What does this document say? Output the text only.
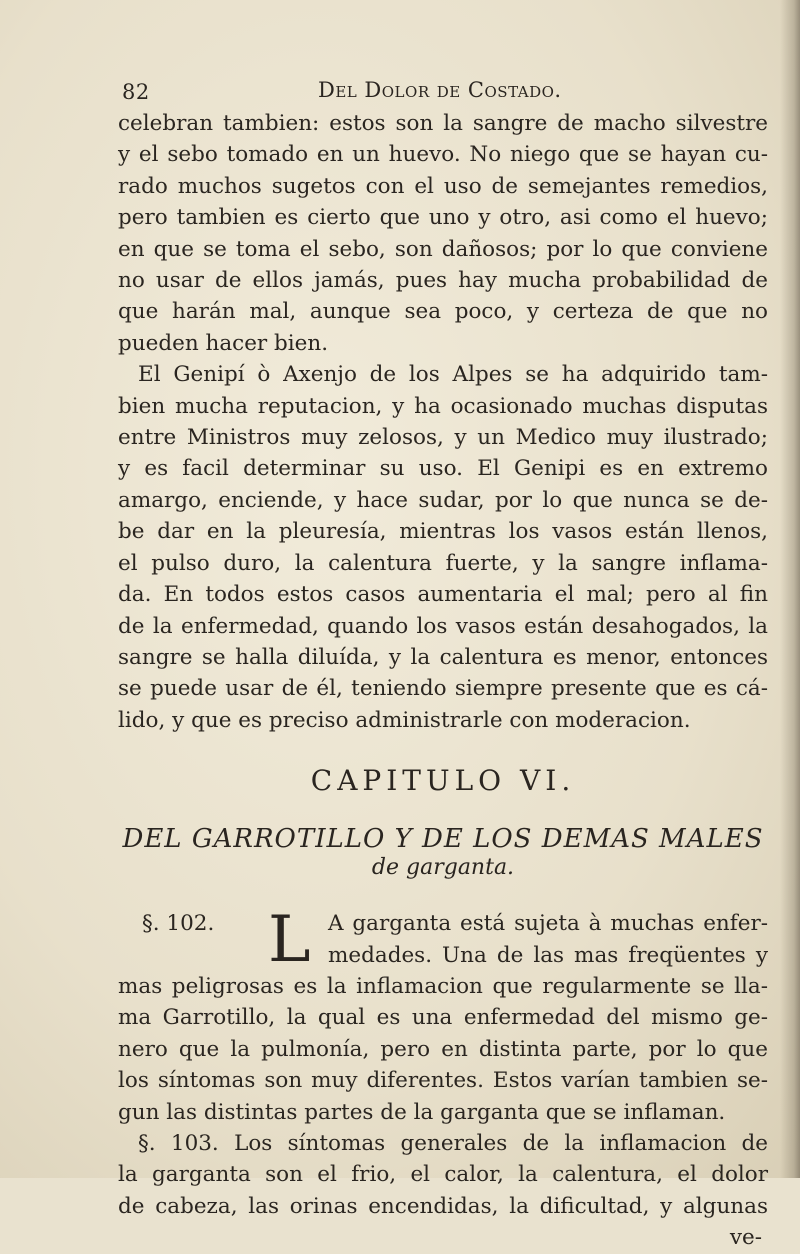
82	Del Dolor de Costado.

celebran tambien: estos son la sangre de macho silvestre
y el sebo tomado en un huevo. No niego que se hayan cu-
rado muchos sugetos con el uso de semejantes remedios,
pero tambien es cierto que uno y otro, asi como el huevo;
en que se toma el sebo, son dañosos; por lo que conviene
no usar de ellos jamás, pues hay mucha probabilidad de
que harán mal, aunque sea poco, y certeza de que no
pueden hacer bien.

El Genipí ò Axenjo de los Alpes se ha adquirido tam-
bien mucha reputacion, y ha ocasionado muchas disputas
entre Ministros muy zelosos, y un Medico muy ilustrado;
y es facil determinar su uso. El Genipi es en extremo
amargo, enciende, y hace sudar, por lo que nunca se de-
be dar en la pleuresía, mientras los vasos están llenos,
el pulso duro, la calentura fuerte, y la sangre inflama-
da. En todos estos casos aumentaria el mal; pero al fin
de la enfermedad, quando los vasos están desahogados, la
sangre se halla diluída, y la calentura es menor, entonces
se puede usar de él, teniendo siempre presente que es cá-
lido, y que es preciso administrarle con moderacion.

CAPITULO VI.
DEL GARROTILLO Y DE LOS DEMAS MALES
de garganta.
L
§. 102.	A garganta está sujeta à muchas enfer-
medades. Una de las mas freqüentes y
mas peligrosas es la inflamacion que regularmente se lla-
ma Garrotillo, la qual es una enfermedad del mismo ge-
nero que la pulmonía, pero en distinta parte, por lo que
los síntomas son muy diferentes. Estos varían tambien se-
gun las distintas partes de la garganta que se inflaman.
§. 103. Los síntomas generales de la inflamacion de
la garganta son el frio, el calor, la calentura, el dolor
de cabeza, las orinas encendidas, la dificultad, y algunas
ve-
